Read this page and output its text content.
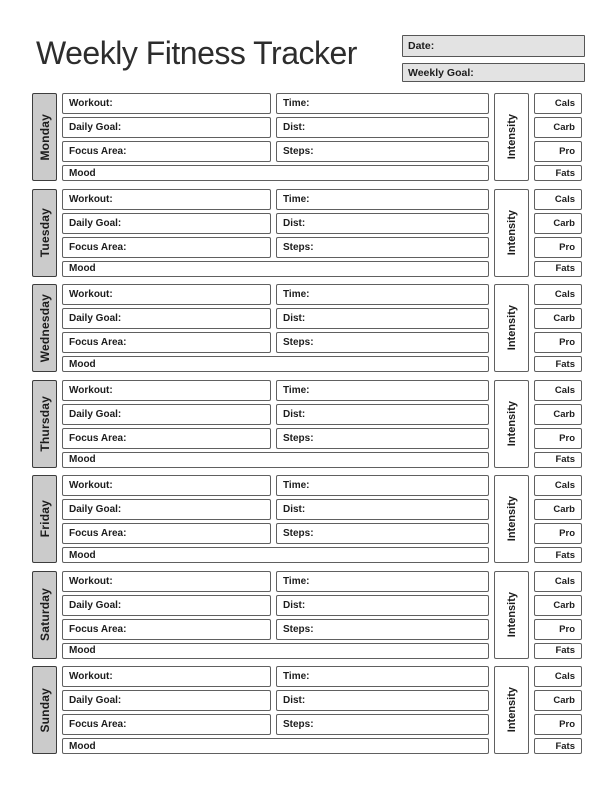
Weekly Fitness Tracker	Date:
Weekly Goal:
Monday
Workout:	Time:	Cals
Daily Goal:	Dist:	Carb
Focus Area:	Steps:	Pro
Mood	Fats
Intensity
Tuesday
Workout:	Time:	Cals
Daily Goal:	Dist:	Carb
Focus Area:	Steps:	Pro
Mood	Fats
Intensity
Wednesday Workout:	Time:	Cals
Daily Goal:	Dist:	Carb
Focus Area:	Steps:	Pro
Mood	Fats
Intensity
Thursday
Workout:	Time:	Cals
Daily Goal:	Dist:	Carb
Focus Area:	Steps:	Pro
Mood	Fats
Intensity
Friday
Workout:	Time:	Cals
Daily Goal:	Dist:	Carb
Focus Area:	Steps:	Pro
Mood	Fats
Intensity
Saturday
Workout:	Time:	Cals
Daily Goal:	Dist:	Carb
Focus Area:	Steps:	Pro
Mood	Fats
Intensity
Sunday
Workout:	Time:	Cals
Daily Goal:	Dist:	Carb
Focus Area:	Steps:	Pro
Mood	Fats
Intensity
